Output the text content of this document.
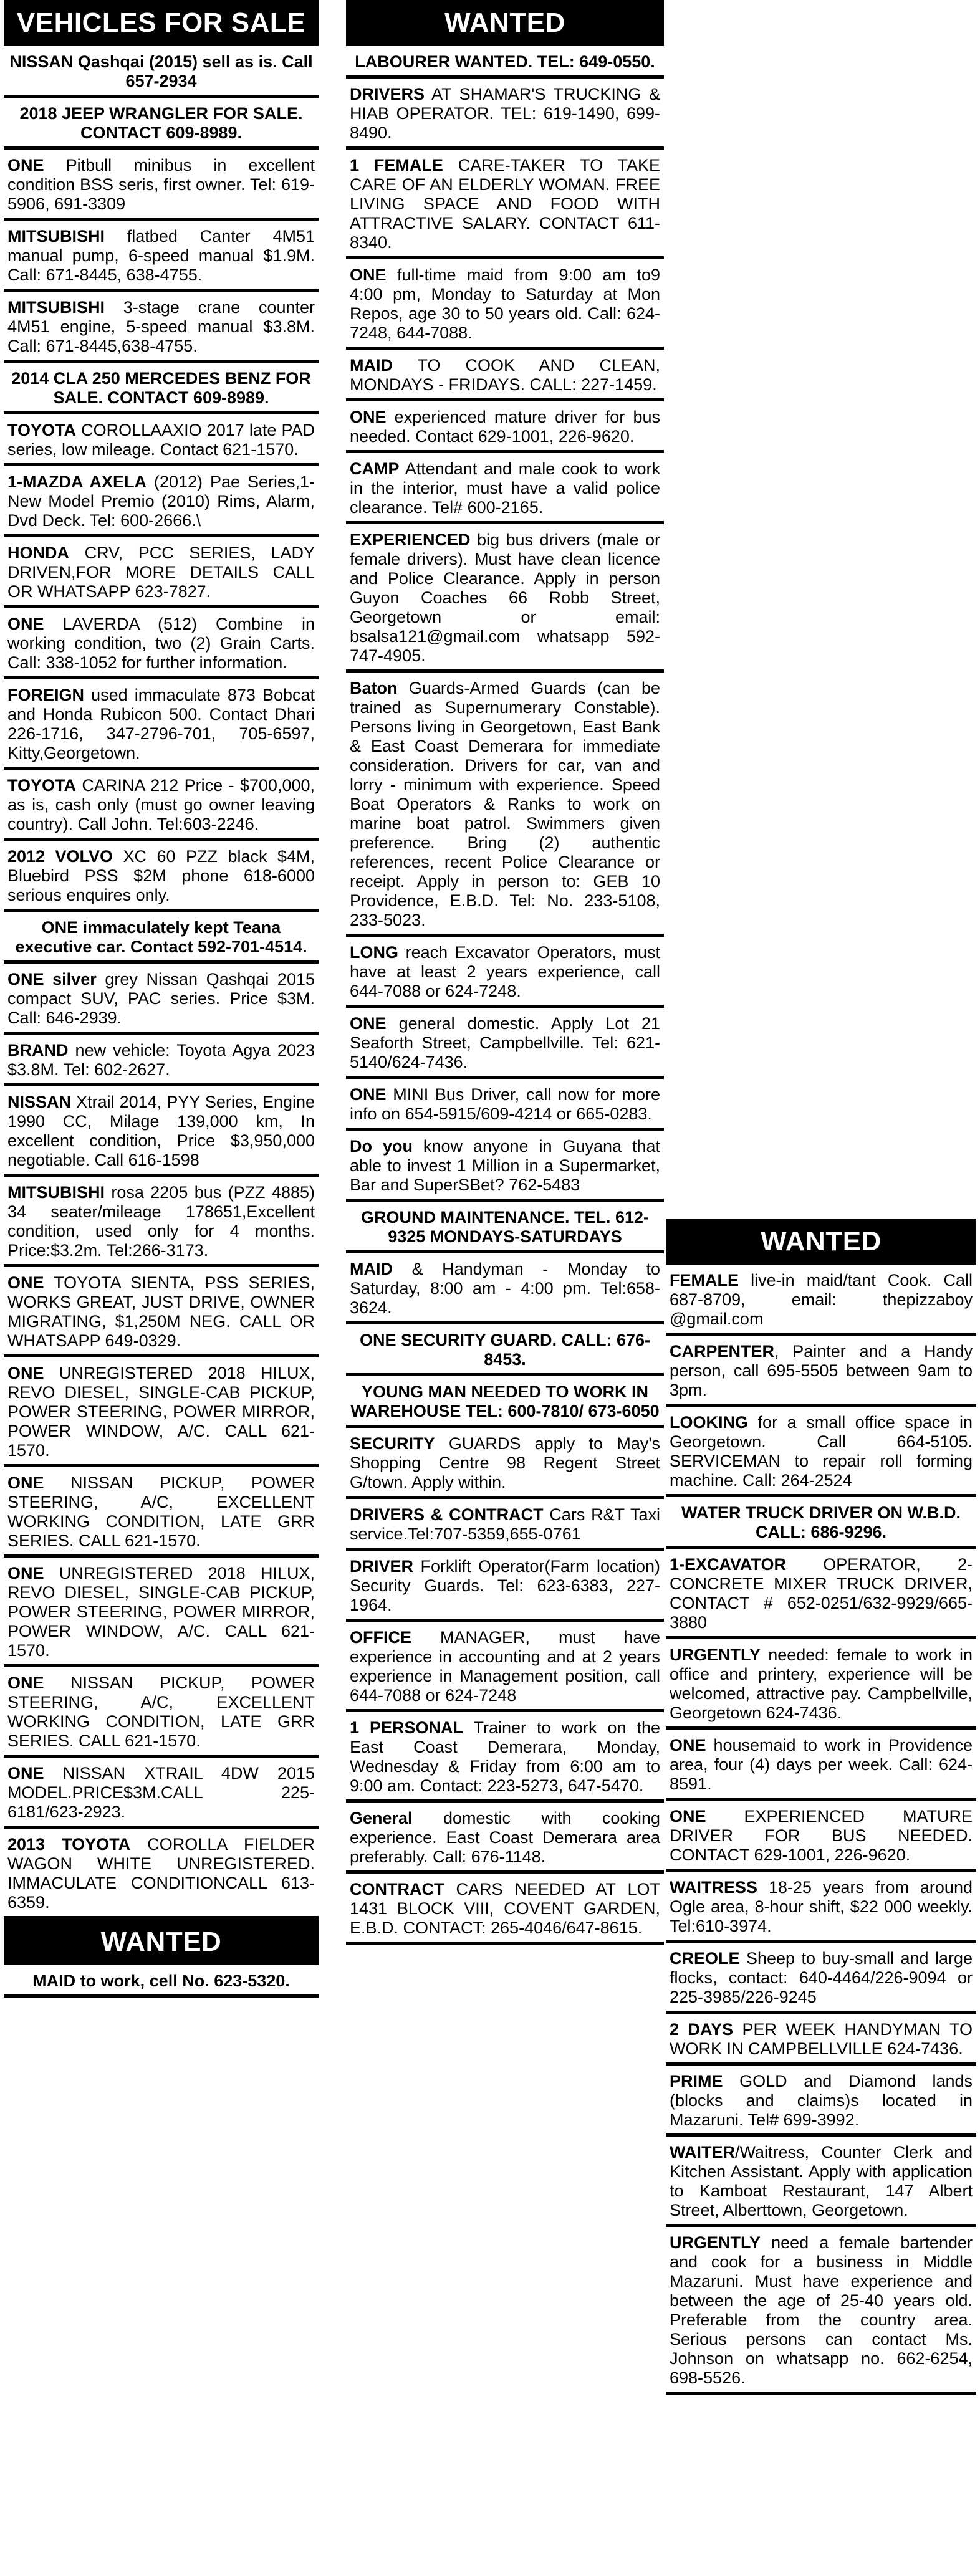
VEHICLES FOR SALE
NISSAN Qashqai (2015) sell as is. Call 657-2934
2018 JEEP WRANGLER FOR SALE. CONTACT 609-8989.
ONE Pitbull minibus in excellent condition BSS seris, first owner. Tel: 619-5906, 691-3309
MITSUBISHI flatbed Canter 4M51 manual pump, 6-speed manual $1.9M. Call: 671-8445, 638-4755.
MITSUBISHI 3-stage crane counter 4M51 engine, 5-speed manual $3.8M. Call: 671-8445,638-4755.
2014 CLA 250 MERCEDES BENZ FOR SALE. CONTACT 609-8989.
TOYOTA COROLLAAXIO 2017 late PAD series, low mileage. Contact 621-1570.
1-MAZDA AXELA (2012) Pae Series,1- New Model Premio (2010) Rims, Alarm, Dvd Deck. Tel: 600-2666.\
HONDA CRV, PCC SERIES, LADY DRIVEN,FOR MORE DETAILS CALL OR WHATSAPP 623-7827.
ONE LAVERDA (512) Combine in working condition, two (2) Grain Carts. Call: 338-1052 for further information.
FOREIGN used immaculate 873 Bobcat and Honda Rubicon 500. Contact Dhari 226-1716, 347-2796-701, 705-6597, Kitty,Georgetown.
TOYOTA CARINA 212 Price - $700,000, as is, cash only (must go owner leaving country). Call John. Tel:603-2246.
2012 VOLVO XC 60 PZZ black $4M, Bluebird PSS $2M phone 618-6000 serious enquires only.
ONE immaculately kept Teana executive car. Contact 592-701-4514.
ONE silver grey Nissan Qashqai 2015 compact SUV, PAC series. Price $3M. Call: 646-2939.
BRAND new vehicle: Toyota Agya 2023 $3.8M. Tel: 602-2627.
NISSAN Xtrail 2014, PYY Series, Engine 1990 CC, Milage 139,000 km, In excellent condition, Price $3,950,000 negotiable. Call 616-1598
MITSUBISHI rosa 2205 bus (PZZ 4885) 34 seater/mileage 178651,Excellent condition, used only for 4 months. Price:$3.2m. Tel:266-3173.
ONE TOYOTA SIENTA, PSS SERIES, WORKS GREAT, JUST DRIVE, OWNER MIGRATING, $1,250M NEG. CALL OR WHATSAPP 649-0329.
ONE UNREGISTERED 2018 HILUX, REVO DIESEL, SINGLE-CAB PICKUP, POWER STEERING, POWER MIRROR, POWER WINDOW, A/C. CALL 621-1570.
ONE NISSAN PICKUP, POWER STEERING, A/C, EXCELLENT WORKING CONDITION, LATE GRR SERIES. CALL 621-1570.
ONE UNREGISTERED 2018 HILUX, REVO DIESEL, SINGLE-CAB PICKUP, POWER STEERING, POWER MIRROR, POWER WINDOW, A/C. CALL 621-1570.
ONE NISSAN PICKUP, POWER STEERING, A/C, EXCELLENT WORKING CONDITION, LATE GRR SERIES. CALL 621-1570.
ONE NISSAN XTRAIL 4DW 2015 MODEL.PRICE$3M.CALL 225-6181/623-2923.
2013 TOYOTA COROLLA FIELDER WAGON WHITE UNREGISTERED. IMMACULATE CONDITIONCALL 613-6359.
WANTED
MAID to work, cell No. 623-5320.
WANTED
LABOURER WANTED. TEL: 649-0550.
DRIVERS AT SHAMAR'S TRUCKING & HIAB OPERATOR. TEL: 619-1490, 699-8490.
1 FEMALE CARE-TAKER TO TAKE CARE OF AN ELDERLY WOMAN. FREE LIVING SPACE AND FOOD WITH ATTRACTIVE SALARY. CONTACT 611-8340.
ONE full-time maid from 9:00 am to9 4:00 pm, Monday to Saturday at Mon Repos, age 30 to 50 years old. Call: 624-7248, 644-7088.
MAID TO COOK AND CLEAN, MONDAYS - FRIDAYS. CALL: 227-1459.
ONE experienced mature driver for bus needed. Contact 629-1001, 226-9620.
CAMP Attendant and male cook to work in the interior, must have a valid police clearance. Tel# 600-2165.
EXPERIENCED big bus drivers (male or female drivers). Must have clean licence and Police Clearance. Apply in person Guyon Coaches 66 Robb Street, Georgetown or email: bsalsa121@gmail.com whatsapp 592-747-4905.
Baton Guards-Armed Guards (can be trained as Supernumerary Constable). Persons living in Georgetown, East Bank & East Coast Demerara for immediate consideration. Drivers for car, van and lorry - minimum with experience. Speed Boat Operators & Ranks to work on marine boat patrol. Swimmers given preference. Bring (2) authentic references, recent Police Clearance or receipt. Apply in person to: GEB 10 Providence, E.B.D. Tel: No. 233-5108, 233-5023.
LONG reach Excavator Operators, must have at least 2 years experience, call 644-7088 or 624-7248.
ONE general domestic. Apply Lot 21 Seaforth Street, Campbellville. Tel: 621-5140/624-7436.
ONE MINI Bus Driver, call now for more info on 654-5915/609-4214 or 665-0283.
Do you know anyone in Guyana that able to invest 1 Million in a Supermarket, Bar and SuperSBet? 762-5483
GROUND MAINTENANCE. TEL. 612-9325 MONDAYS-SATURDAYS
MAID & Handyman - Monday to Saturday, 8:00 am - 4:00 pm. Tel:658-3624.
ONE SECURITY GUARD. CALL: 676-8453.
YOUNG MAN NEEDED TO WORK IN WAREHOUSE TEL: 600-7810/ 673-6050
SECURITY GUARDS apply to May's Shopping Centre 98 Regent Street G/town. Apply within.
DRIVERS & CONTRACT Cars R&T Taxi service.Tel:707-5359,655-0761
DRIVER Forklift Operator(Farm location) Security Guards. Tel: 623-6383, 227-1964.
OFFICE MANAGER, must have experience in accounting and at 2 years experience in Management position, call 644-7088 or 624-7248
1 PERSONAL Trainer to work on the East Coast Demerara, Monday, Wednesday & Friday from 6:00 am to 9:00 am. Contact: 223-5273, 647-5470.
General domestic with cooking experience. East Coast Demerara area preferably. Call: 676-1148.
CONTRACT CARS NEEDED AT LOT 1431 BLOCK VIII, COVENT GARDEN, E.B.D. CONTACT: 265-4046/647-8615.
WANTED
FEMALE live-in maid/tant Cook. Call 687-8709, email: thepizzaboy @gmail.com
CARPENTER, Painter and a Handy person, call 695-5505 between 9am to 3pm.
LOOKING for a small office space in Georgetown. Call 664-5105. SERVICEMAN to repair roll forming machine. Call: 264-2524
WATER TRUCK DRIVER ON W.B.D. CALL: 686-9296.
1-EXCAVATOR OPERATOR, 2- CONCRETE MIXER TRUCK DRIVER, CONTACT # 652-0251/632-9929/665-3880
URGENTLY needed: female to work in office and printery, experience will be welcomed, attractive pay. Campbellville, Georgetown 624-7436.
ONE housemaid to work in Providence area, four (4) days per week. Call: 624-8591.
ONE EXPERIENCED MATURE DRIVER FOR BUS NEEDED. CONTACT 629-1001, 226-9620.
WAITRESS 18-25 years from around Ogle area, 8-hour shift, $22 000 weekly. Tel:610-3974.
CREOLE Sheep to buy-small and large flocks, contact: 640-4464/226-9094 or 225-3985/226-9245
2 DAYS PER WEEK HANDYMAN TO WORK IN CAMPBELLVILLE 624-7436.
PRIME GOLD and Diamond lands (blocks and claims)s located in Mazaruni. Tel# 699-3992.
WAITER/Waitress, Counter Clerk and Kitchen Assistant. Apply with application to Kamboat Restaurant, 147 Albert Street, Alberttown, Georgetown.
URGENTLY need a female bartender and cook for a business in Middle Mazaruni. Must have experience and between the age of 25-40 years old. Preferable from the country area. Serious persons can contact Ms. Johnson on whatsapp no. 662-6254, 698-5526.
